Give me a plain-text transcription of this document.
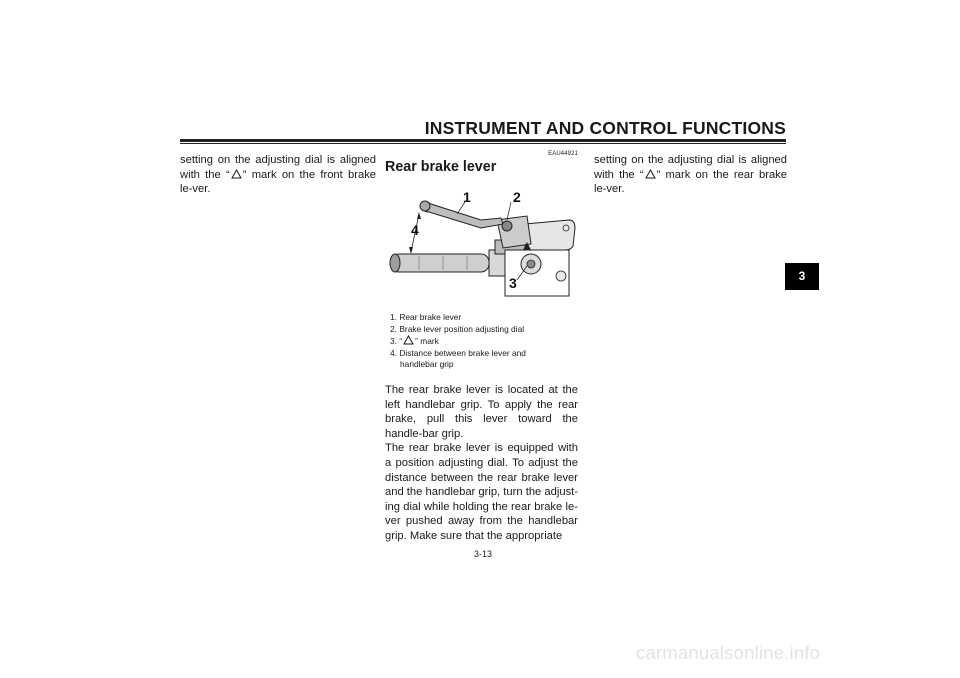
INSTRUMENT AND CONTROL FUNCTIONS
3

setting on the adjusting dial is aligned with the “ ” mark on the front brake le-ver.

EAU44921
Rear brake lever
1	2
3
4

1. Rear brake lever

2. Brake lever position adjusting dial

3. “ ” mark

4. Distance between brake lever and

handlebar grip

The rear brake lever is located at the left handlebar grip. To apply the rear brake, pull this lever toward the handle-bar grip.

The rear brake lever is equipped with a position adjusting dial. To adjust the distance between the rear brake lever and the handlebar grip, turn the adjust-ing dial while holding the rear brake le-ver pushed away from the handlebar grip. Make sure that the appropriate

setting on the adjusting dial is aligned with the “ ” mark on the rear brake le-ver.

3-13
carmanualsonline.info
